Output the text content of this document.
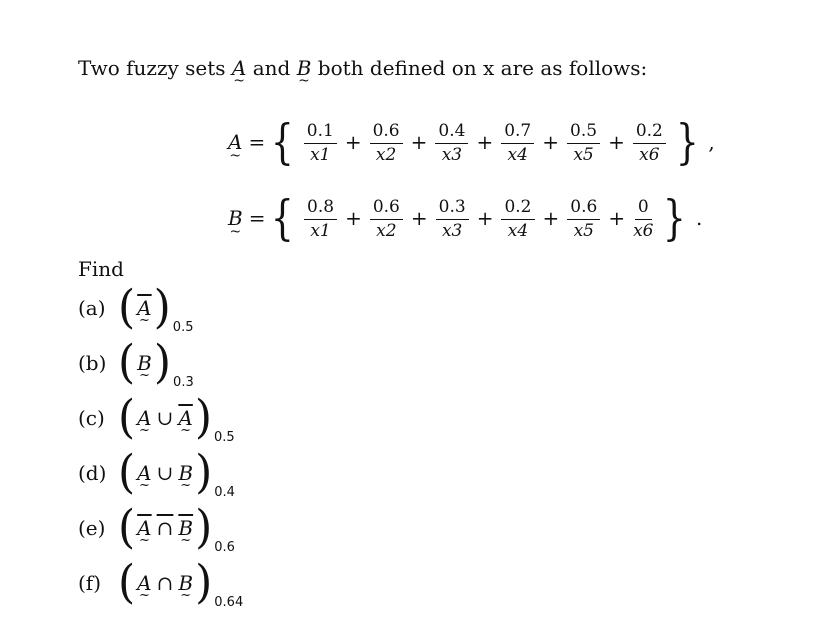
Two fuzzy sets A ~ and B ~ both defined on x are as follows:
A ~ = { $\frac{0.1}{x1} + \frac{0.6}{x2} + \frac{0.4}{x3} + \frac{0.7}{x4} + \frac{0.5}{x5} + \frac{0.2}{x6}$ } ,
B ~ = { $\frac{0.8}{x1} + \frac{0.6}{x2} + \frac{0.3}{x3} + \frac{0.2}{x4} + \frac{0.6}{x5} + \frac{0}{x6}$ } .
Find
(a) ( $\overline{A}$ ~ ) 0.5
(b) ( B ~ ) 0.3
(c) ( A ~ ∪ $\overline{A}$ ~ ) 0.5
(d) ( A ~ ∪ B ~ ) 0.4
(e) ( A ~ ∩ B ~ ) 0.6
(f) ( A ~ ∩ B ~ ) 0.64
